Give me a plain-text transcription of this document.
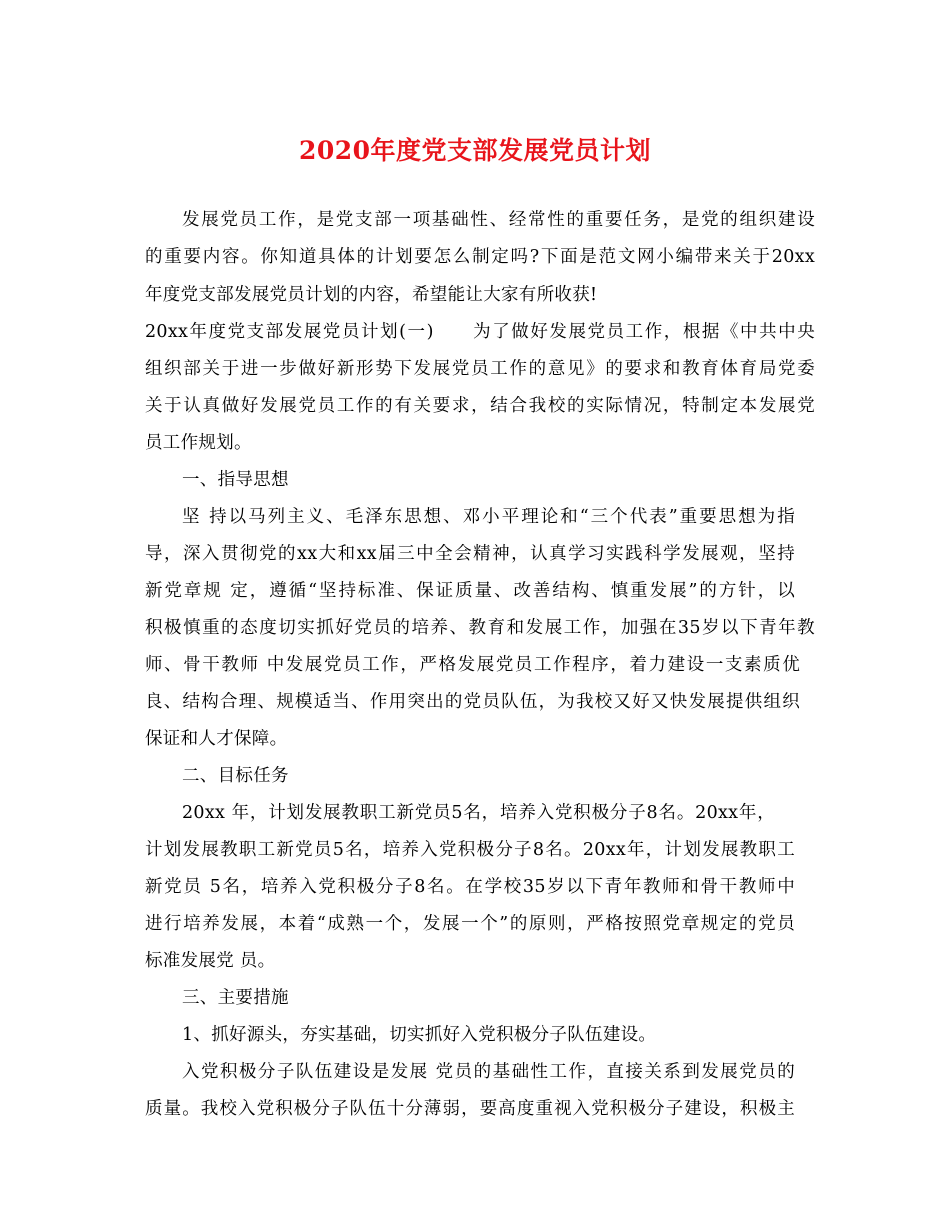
2020年度党支部发展党员计划
发展党员工作，是党支部一项基础性、经常性的重要任务，是党的组织建设
的重要内容。你知道具体的计划要怎么制定吗?下面是范文网小编带来关于20xx
年度党支部发展党员计划的内容，希望能让大家有所收获!
20xx年度党支部发展党员计划(一)　　为了做好发展党员工作，根据《中共中央
组织部关于进一步做好新形势下发展党员工作的意见》的要求和教育体育局党委
关于认真做好发展党员工作的有关要求，结合我校的实际情况，特制定本发展党
员工作规划。
一、指导思想
坚 持以马列主义、毛泽东思想、邓小平理论和“三个代表”重要思想为指
导，深入贯彻党的xx大和xx届三中全会精神，认真学习实践科学发展观，坚持
新党章规 定，遵循“坚持标准、保证质量、改善结构、慎重发展”的方针，以
积极慎重的态度切实抓好党员的培养、教育和发展工作，加强在35岁以下青年教
师、骨干教师 中发展党员工作，严格发展党员工作程序，着力建设一支素质优
良、结构合理、规模适当、作用突出的党员队伍，为我校又好又快发展提供组织
保证和人才保障。
二、目标任务
20xx 年，计划发展教职工新党员5名，培养入党积极分子8名。20xx年，
计划发展教职工新党员5名，培养入党积极分子8名。20xx年，计划发展教职工
新党员 5名，培养入党积极分子8名。在学校35岁以下青年教师和骨干教师中
进行培养发展，本着“成熟一个，发展一个”的原则，严格按照党章规定的党员
标准发展党 员。
三、主要措施
1、抓好源头，夯实基础，切实抓好入党积极分子队伍建设。
入党积极分子队伍建设是发展 党员的基础性工作，直接关系到发展党员的
质量。我校入党积极分子队伍十分薄弱，要高度重视入党积极分子建设，积极主
